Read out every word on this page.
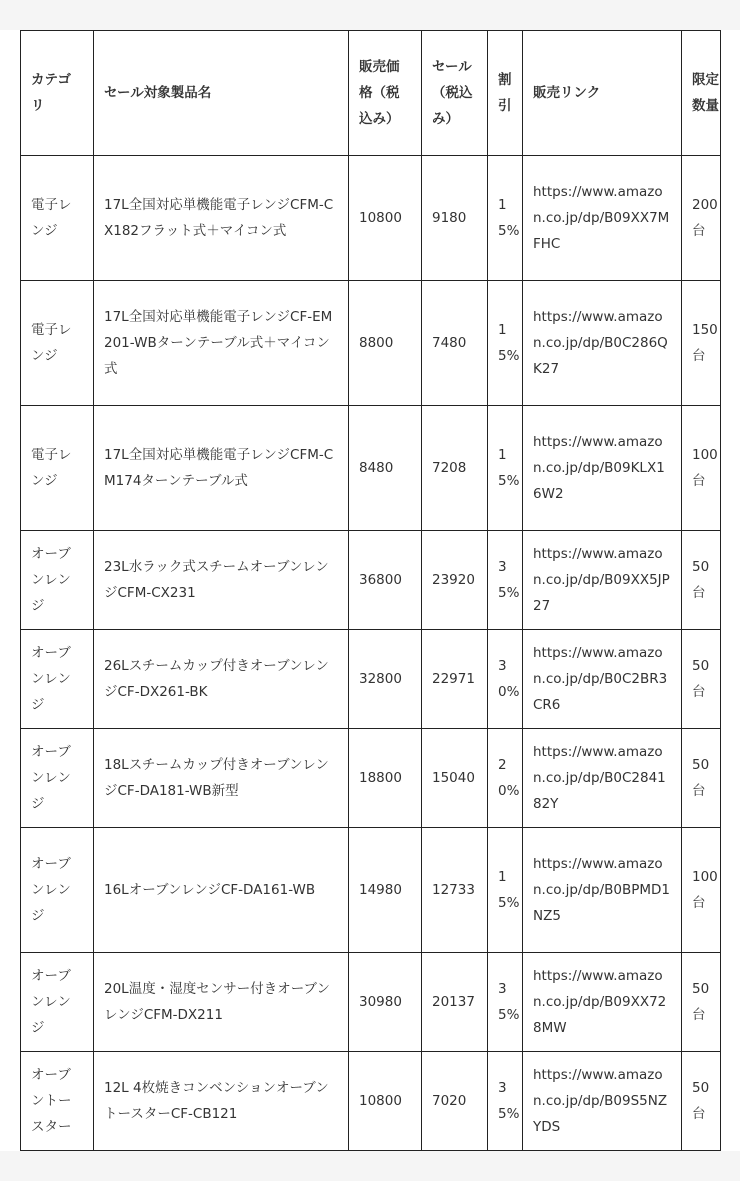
カテゴリ	セール対象製品名	販売価格（税込み）	セール（税込み）	割引	販売リンク	限定数量
電子レンジ	17L全国対応単機能電子レンジCFM-CX182フラット式＋マイコン式	10800	9180	15%	https://www.amazon.co.jp/dp/B09XX7MFHC	200台
電子レンジ	17L全国対応単機能電子レンジCF-EM201-WBターンテーブル式＋マイコン式	8800	7480	15%	https://www.amazon.co.jp/dp/B0C286QK27	150台
電子レンジ	17L全国対応単機能電子レンジCFM-CM174ターンテーブル式	8480	7208	15%	https://www.amazon.co.jp/dp/B09KLX16W2	100台
オーブンレンジ	23L水ラック式スチームオーブンレンジCFM-CX231	36800	23920	35%	https://www.amazon.co.jp/dp/B09XX5JP27	50台
オーブンレンジ	26Lスチームカップ付きオーブンレンジCF-DX261-BK	32800	22971	30%	https://www.amazon.co.jp/dp/B0C2BR3CR6	50台
オーブンレンジ	18Lスチームカップ付きオーブンレンジCF-DA181-WB新型	18800	15040	20%	https://www.amazon.co.jp/dp/B0C284182Y	50台
オーブンレンジ	16LオーブンレンジCF-DA161-WB	14980	12733	15%	https://www.amazon.co.jp/dp/B0BPMD1NZ5	100台
オーブンレンジ	20L温度・湿度センサー付きオーブンレンジCFM-DX211	30980	20137	35%	https://www.amazon.co.jp/dp/B09XX728MW	50台
オーブントースター	12L 4枚焼きコンベンションオーブントースターCF-CB121	10800	7020	35%	https://www.amazon.co.jp/dp/B09S5NZYDS	50台
